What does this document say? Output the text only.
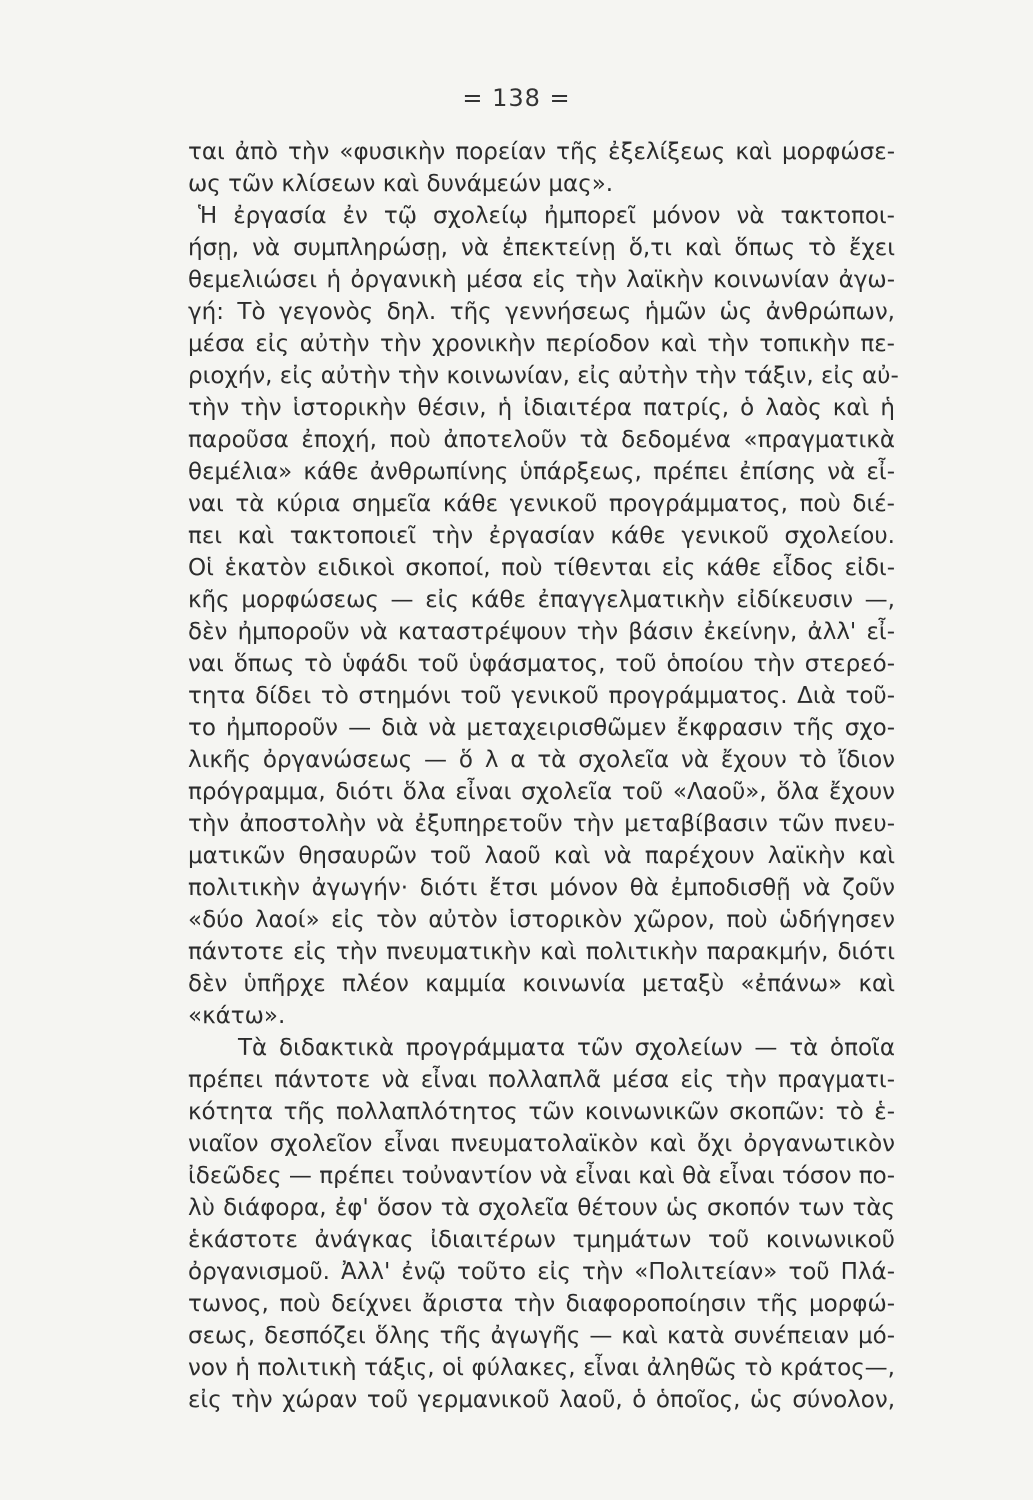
= 138 =
ται ἀπὸ τὴν «φυσικὴν πορείαν τῆς ἐξελίξεως καὶ μορφώσε-
ως τῶν κλίσεων καὶ δυνάμεών μας».
Ἡ ἐργασία ἐν τῷ σχολείῳ ἠμπορεῖ μόνον νὰ τακτοποι-
ήσῃ, νὰ συμπληρώσῃ, νὰ ἐπεκτείνῃ ὅ,τι καὶ ὅπως τὸ ἔχει
θεμελιώσει ἡ ὀργανικὴ μέσα εἰς τὴν λαϊκὴν κοινωνίαν ἀγω-
γή: Τὸ γεγονὸς δηλ. τῆς γεννήσεως ἡμῶν ὡς ἀνθρώπων,
μέσα εἰς αὐτὴν τὴν χρονικὴν περίοδον καὶ τὴν τοπικὴν πε-
ριοχήν, εἰς αὐτὴν τὴν κοινωνίαν, εἰς αὐτὴν τὴν τάξιν, εἰς αὐ-
τὴν τὴν ἱστορικὴν θέσιν, ἡ ἰδιαιτέρα πατρίς, ὁ λαὸς καὶ ἡ
παροῦσα ἐποχή, ποὺ ἀποτελοῦν τὰ δεδομένα «πραγματικὰ
θεμέλια» κάθε ἀνθρωπίνης ὑπάρξεως, πρέπει ἐπίσης νὰ εἶ-
ναι τὰ κύρια σημεῖα κάθε γενικοῦ προγράμματος, ποὺ διέ-
πει καὶ τακτοποιεῖ τὴν ἐργασίαν κάθε γενικοῦ σχολείου.
Οἱ ἑκατὸν ειδικοὶ σκοποί, ποὺ τίθενται εἰς κάθε εἶδος εἰδι-
κῆς μορφώσεως — εἰς κάθε ἐπαγγελματικὴν εἰδίκευσιν —,
δὲν ἠμποροῦν νὰ καταστρέψουν τὴν βάσιν ἐκείνην, ἀλλ' εἶ-
ναι ὅπως τὸ ὑφάδι τοῦ ὑφάσματος, τοῦ ὁποίου τὴν στερεό-
τητα δίδει τὸ στημόνι τοῦ γενικοῦ προγράμματος. Διὰ τοῦ-
το ἠμποροῦν — διὰ νὰ μεταχειρισθῶμεν ἔκφρασιν τῆς σχο-
λικῆς ὀργανώσεως — ὅ λ α τὰ σχολεῖα νὰ ἔχουν τὸ ἴδιον
πρόγραμμα, διότι ὅλα εἶναι σχολεῖα τοῦ «Λαοῦ», ὅλα ἔχουν
τὴν ἀποστολὴν νὰ ἐξυπηρετοῦν τὴν μεταβίβασιν τῶν πνευ-
ματικῶν θησαυρῶν τοῦ λαοῦ καὶ νὰ παρέχουν λαϊκὴν καὶ
πολιτικὴν ἀγωγήν· διότι ἔτσι μόνον θὰ ἐμποδισθῇ νὰ ζοῦν
«δύο λαοί» εἰς τὸν αὐτὸν ἱστορικὸν χῶρον, ποὺ ὡδήγησεν
πάντοτε εἰς τὴν πνευματικὴν καὶ πολιτικὴν παρακμήν, διότι
δὲν ὑπῆρχε πλέον καμμία κοινωνία μεταξὺ «ἐπάνω» καὶ
«κάτω».
Τὰ διδακτικὰ προγράμματα τῶν σχολείων — τὰ ὁποῖα
πρέπει πάντοτε νὰ εἶναι πολλαπλᾶ μέσα εἰς τὴν πραγματι-
κότητα τῆς πολλαπλότητος τῶν κοινωνικῶν σκοπῶν: τὸ ἑ-
νιαῖον σχολεῖον εἶναι πνευματολαϊκὸν καὶ ὄχι ὀργανωτικὸν
ἰδεῶδες — πρέπει τοὐναντίον νὰ εἶναι καὶ θὰ εἶναι τόσον πο-
λὺ διάφορα, ἐφ' ὅσον τὰ σχολεῖα θέτουν ὡς σκοπόν των τὰς
ἑκάστοτε ἀνάγκας ἰδιαιτέρων τμημάτων τοῦ κοινωνικοῦ
ὀργανισμοῦ. Ἀλλ' ἐνῷ τοῦτο εἰς τὴν «Πολιτείαν» τοῦ Πλά-
τωνος, ποὺ δείχνει ἄριστα τὴν διαφοροποίησιν τῆς μορφώ-
σεως, δεσπόζει ὅλης τῆς ἀγωγῆς — καὶ κατὰ συνέπειαν μό-
νον ἡ πολιτικὴ τάξις, οἱ φύλακες, εἶναι ἀληθῶς τὸ κράτος—,
εἰς τὴν χώραν τοῦ γερμανικοῦ λαοῦ, ὁ ὁποῖος, ὡς σύνολον,
